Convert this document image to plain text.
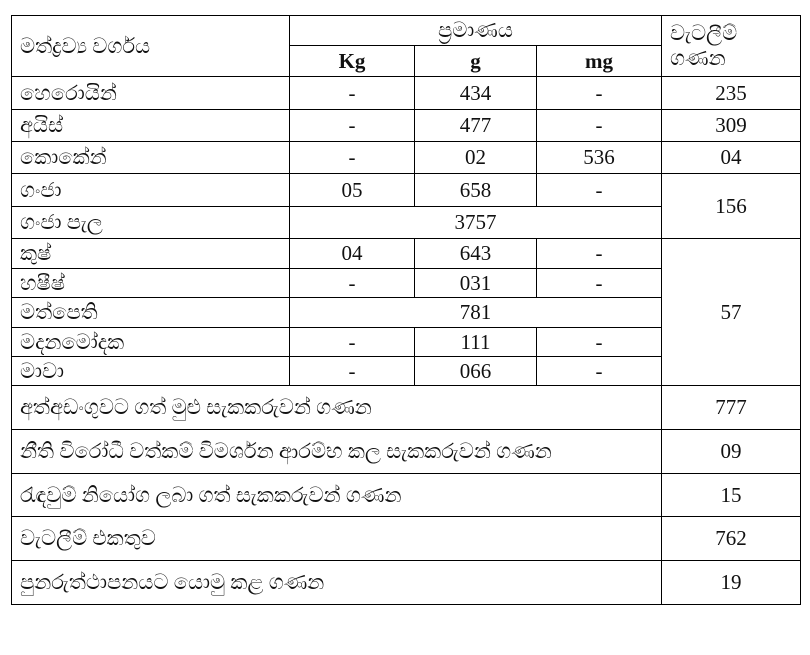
මත්ද්‍රව්‍ය වර්ගය	ප්‍රමාණය			වැටලීම් ගණන
	Kg	g	mg	
හෙරොයින්	-	434	-	235
අයිස්	-	477	-	309
කොකේන්	-	02	536	04
ගංජා	05	658	-	156
ගංජා පැල	3757			
කුෂ්	04	643	-	57
හෂීෂ්	-	031	-	
මත්පෙති	781			
මදනමෝදක	-	111	-	
මාවා	-	066	-	
අත්අඩංගුවට ගත් මුළු සැකකරුවන් ගණන				777
නීති විරෝධී වත්කම් විමර්ශන ආරම්භ කල සැකකරුවන් ගණන				09
රැඳවුම් නියෝග ලබා ගත් සැකකරුවන් ගණන				15
වැටලීම් එකතුව				762
පුනරුත්ථාපනයට යොමු කළ ගණන				19
